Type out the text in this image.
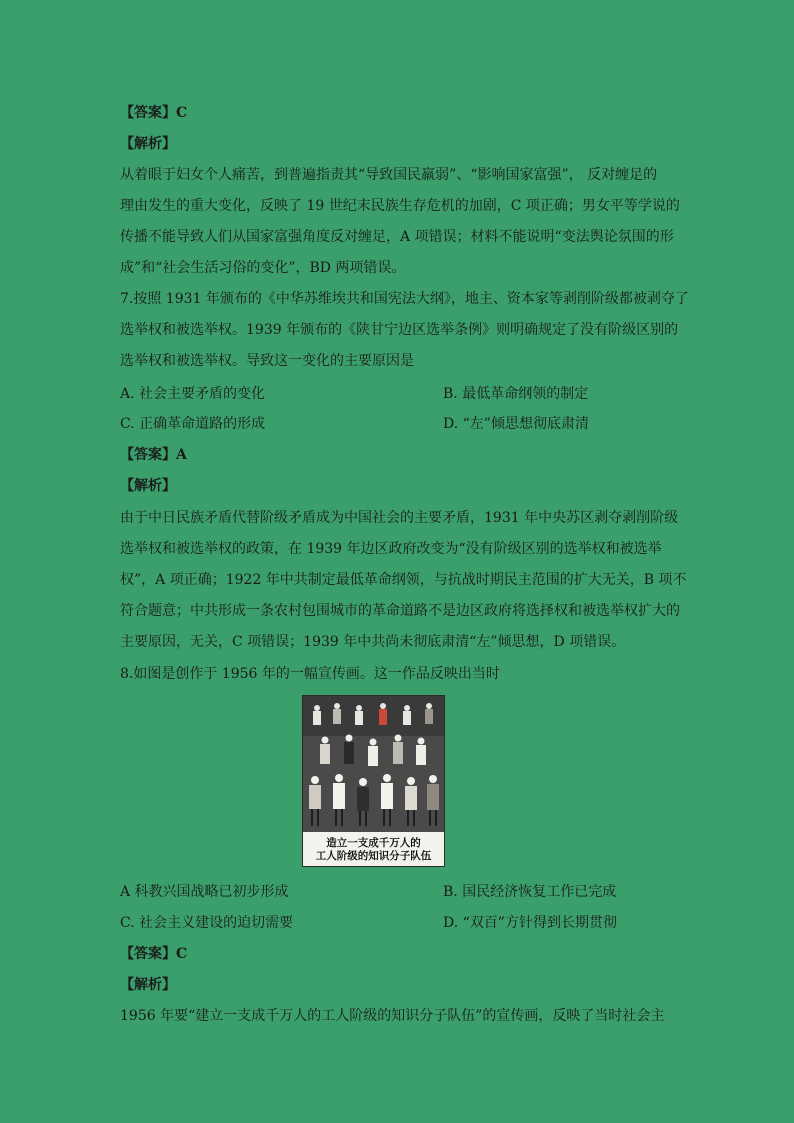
【答案】C
【解析】
从着眼于妇女个人痛苦，到普遍指责其“导致国民羸弱”、“影响国家富强”， 反对缠足的
理由发生的重大变化，反映了 19 世纪末民族生存危机的加剧，C 项正确；男女平等学说的
传播不能导致人们从国家富强角度反对缠足，A 项错误；材料不能说明“变法舆论氛围的形
成”和“社会生活习俗的变化”，BD 两项错误。
7.按照 1931 年颁布的《中华苏维埃共和国宪法大纲》，地主、资本家等剥削阶级都被剥夺了
选举权和被选举权。1939 年颁布的《陕甘宁边区选举条例》则明确规定了没有阶级区别的
选举权和被选举权。导致这一变化的主要原因是
A. 社会主要矛盾的变化	B. 最低革命纲领的制定
C. 正确革命道路的形成	D. “左”倾思想彻底肃清
【答案】A
【解析】
由于中日民族矛盾代替阶级矛盾成为中国社会的主要矛盾，1931 年中央苏区剥夺剥削阶级
选举权和被选举权的政策，在 1939 年边区政府改变为“没有阶级区别的选举权和被选举
权”，A 项正确；1922 年中共制定最低革命纲领，与抗战时期民主范围的扩大无关，B 项不
符合题意；中共形成一条农村包围城市的革命道路不是边区政府将选择权和被选举权扩大的
主要原因，无关，C 项错误；1939 年中共尚未彻底肃清“左”倾思想，D 项错误。
8.如图是创作于 1956 年的一幅宣传画。这一作品反映出当时
造立一支成千万人的
工人阶级的知识分子队伍
A 科教兴国战略已初步形成	B. 国民经济恢复工作已完成
C. 社会主义建设的迫切需要	D. “双百”方针得到长期贯彻
【答案】C
【解析】
1956 年要“建立一支成千万人的工人阶级的知识分子队伍”的宣传画，反映了当时社会主
